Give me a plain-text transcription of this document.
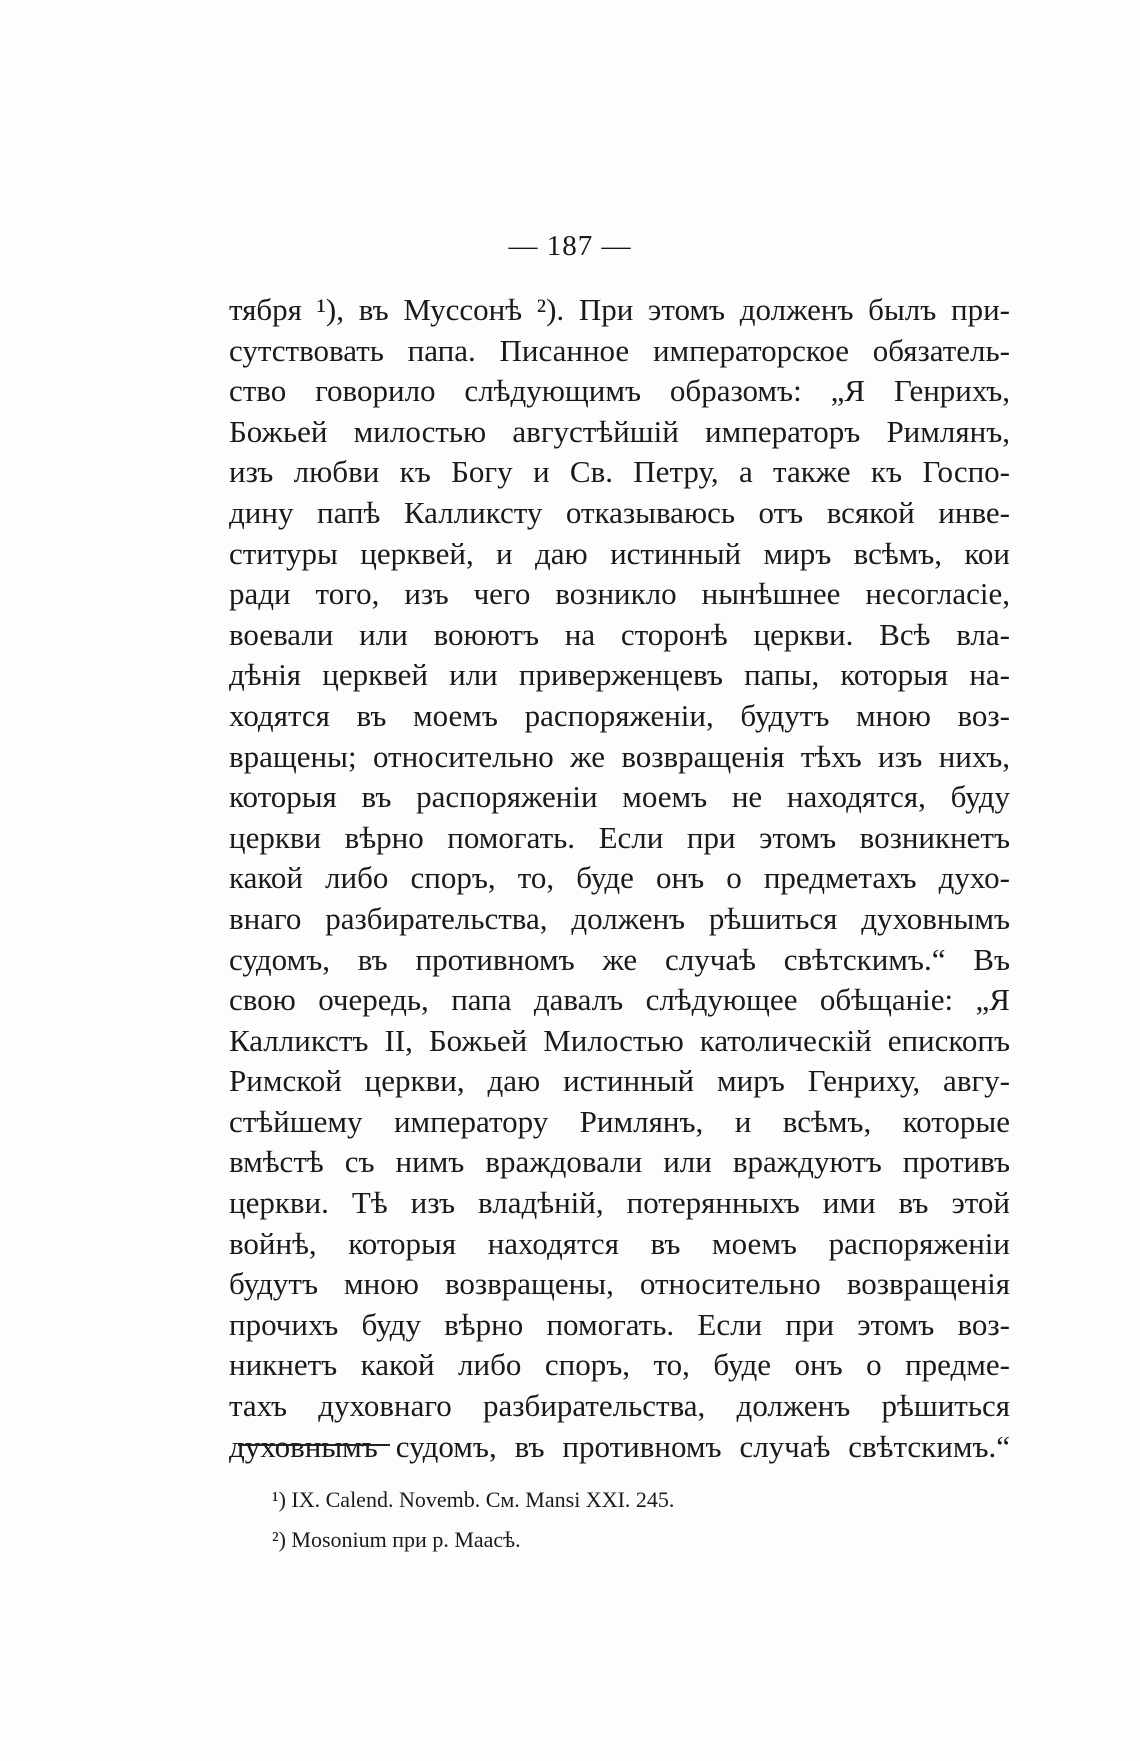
— 187 —
тября ¹), въ Муссонѣ ²). При этомъ долженъ былъ при-
сутствовать папа. Писанное императорское обязатель-
ство говорило слѣдующимъ образомъ: „Я Генрихъ,
Божьей милостью августѣйшій императоръ Римлянъ,
изъ любви къ Богу и Св. Петру, а также къ Госпо-
дину папѣ Калликсту отказываюсь отъ всякой инве-
ституры церквей, и даю истинный миръ всѣмъ, кои
ради того, изъ чего возникло нынѣшнее несогласіе,
воевали или воюютъ на сторонѣ церкви. Всѣ вла-
дѣнія церквей или приверженцевъ папы, которыя на-
ходятся въ моемъ распоряженіи, будутъ мною воз-
вращены; относительно же возвращенія тѣхъ изъ нихъ,
которыя въ распоряженіи моемъ не находятся, буду
церкви вѣрно помогать. Если при этомъ возникнетъ
какой либо споръ, то, буде онъ о предметахъ духо-
внаго разбирательства, долженъ рѣшиться духовнымъ
судомъ, въ противномъ же случаѣ свѣтскимъ.“ Въ
свою очередь, папа давалъ слѣдующее обѣщаніе: „Я
Калликстъ II, Божьей Милостью католическій епископъ
Римской церкви, даю истинный миръ Генриху, авгу-
стѣйшему императору Римлянъ, и всѣмъ, которые
вмѣстѣ съ нимъ враждовали или враждуютъ противъ
церкви. Тѣ изъ владѣній, потерянныхъ ими въ этой
войнѣ, которыя находятся въ моемъ распоряженіи
будутъ мною возвращены, относительно возвращенія
прочихъ буду вѣрно помогать. Если при этомъ воз-
никнетъ какой либо споръ, то, буде онъ о предме-
тахъ духовнаго разбирательства, долженъ рѣшиться
духовнымъ судомъ, въ противномъ случаѣ свѣтскимъ.“
¹) IX. Calend. Novemb. См. Mansi XXI. 245.
²) Mosonium при р. Маасѣ.
